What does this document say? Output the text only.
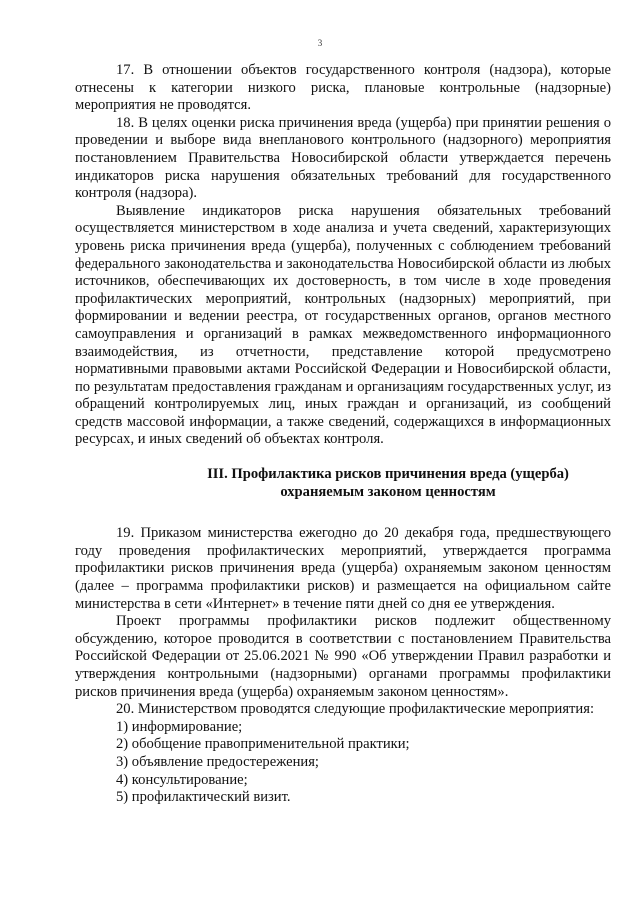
3

17. В отношении объектов государственного контроля (надзора), которые отнесены к категории низкого риска, плановые контрольные (надзорные) мероприятия не проводятся.

18. В целях оценки риска причинения вреда (ущерба) при принятии решения о проведении и выборе вида внепланового контрольного (надзорного) мероприятия постановлением Правительства Новосибирской области утверждается перечень индикаторов риска нарушения обязательных требований для государственного контроля (надзора).

Выявление индикаторов риска нарушения обязательных требований осуществляется министерством в ходе анализа и учета сведений, характеризующих уровень риска причинения вреда (ущерба), полученных с соблюдением требований федерального законодательства и законодательства Новосибирской области из любых источников, обеспечивающих их достоверность, в том числе в ходе проведения профилактических мероприятий, контрольных (надзорных) мероприятий, при формировании и ведении реестра, от государственных органов, органов местного самоуправления и организаций в рамках межведомственного информационного взаимодействия, из отчетности, представление которой предусмотрено нормативными правовыми актами Российской Федерации и Новосибирской области, по результатам предоставления гражданам и организациям государственных услуг, из обращений контролируемых лиц, иных граждан и организаций, из сообщений средств массовой информации, а также сведений, содержащихся в информационных ресурсах, и иных сведений об объектах контроля.

III. Профилактика рисков причинения вреда (ущерба)
охраняемым законом ценностям

19. Приказом министерства ежегодно до 20 декабря года, предшествующего году проведения профилактических мероприятий, утверждается программа профилактики рисков причинения вреда (ущерба) охраняемым законом ценностям (далее – программа профилактики рисков) и размещается на официальном сайте министерства в сети «Интернет» в течение пяти дней со дня ее утверждения.

Проект программы профилактики рисков подлежит общественному обсуждению, которое проводится в соответствии с постановлением Правительства Российской Федерации от 25.06.2021 № 990 «Об утверждении Правил разработки и утверждения контрольными (надзорными) органами программы профилактики рисков причинения вреда (ущерба) охраняемым законом ценностям».

20. Министерством проводятся следующие профилактические мероприятия:

1) информирование;
2) обобщение правоприменительной практики;
3) объявление предостережения;
4) консультирование;
5) профилактический визит.
